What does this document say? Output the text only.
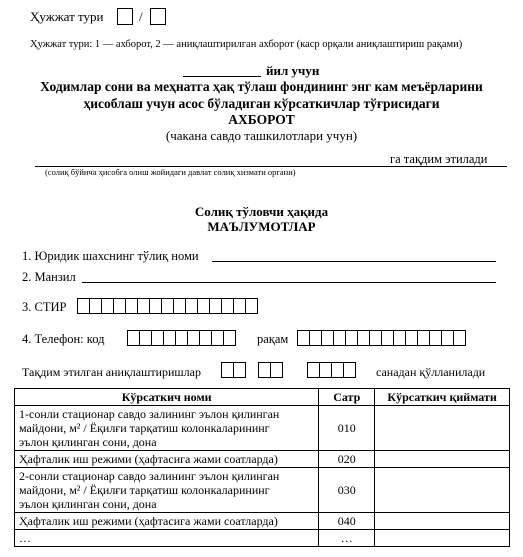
Ҳужжат тури	/
Ҳужжат тури: 1 — ахборот, 2 — аниқлаштирилган ахборот (каср орқали аниқлаштириш рақами)
йил учун
Ходимлар сони ва меҳнатга ҳақ тўлаш фондининг энг кам меъёрларини
ҳисоблаш учун асос бўладиган кўрсаткичлар тўғрисидаги
АХБОРОТ
(чакана савдо ташкилотлари учун)
га тақдим этилади
(солиқ бўйича ҳисобга олиш жойидаги давлат солиқ хизмати органи)
Солиқ тўловчи ҳақида
МАЪЛУМОТЛАР
1. Юридик шахснинг тўлиқ номи
2. Манзил
3. СТИР
4. Телефон: код	рақам
Тақдим этилган аниқлаштиришлар	санадан қўлланилади
Кўрсаткич номи	Сатр	Кўрсаткич қиймати

1-сонли стационар савдо залининг эълон қилинган
майдони, м² / Ёқилғи тарқатиш колонкаларининг
эълон қилинган сони, дона	010	

Ҳафталик иш режими (ҳафтасига жами соатларда)	020	

2-сонли стационар савдо залининг эълон қилинган
майдони, м² / Ёқилғи тарқатиш колонкаларининг
эълон қилинган сони, дона	030	

Ҳафталик иш режими (ҳафтасига жами соатларда)	040	

…	…	
